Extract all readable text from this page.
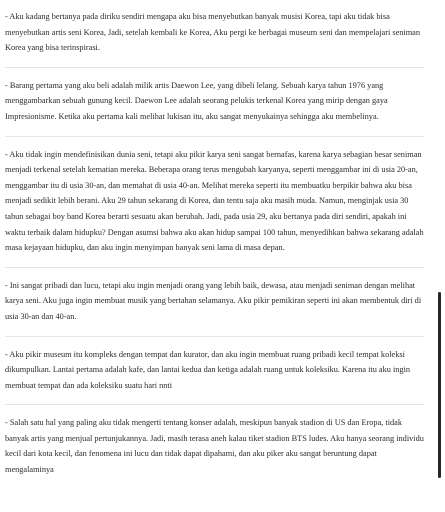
- Aku kadang bertanya pada diriku sendiri mengapa aku bisa menyebutkan banyak musisi Korea, tapi aku tidak bisa menyebutkan artis seni Korea, Jadi, setelah kembali ke Korea, Aku pergi ke berbagai museum seni dan mempelajari seniman Korea yang bisa terinspirasi.

- Barang pertama yang aku beli adalah milik artis Daewon Lee, yang dibeli lelang. Sebuah karya tahun 1976 yang menggambarkan sebuah gunung kecil. Daewon Lee adalah seorang pelukis terkenal Korea yang mirip dengan gaya Impresionisme. Ketika aku pertama kali melihat lukisan itu, aku sangat menyukainya sehingga aku membelinya.

- Aku tidak ingin mendefinisikan dunia seni, tetapi aku pikir karya seni sangat bernafas, karena karya sebagian besar seniman menjadi terkenal setelah kematian mereka. Beberapa orang terus mengubah karyanya, seperti menggambar ini di usia 20-an, menggambar itu di usia 30-an, dan memahat di usia 40-an. Melihat mereka seperti itu membuatku berpikir bahwa aku bisa menjadi sedikit lebih berani. Aku 29 tahun sekarang di Korea, dan tentu saja aku masih muda. Namun, menginjak usia 30 tahun sebagai boy band Korea berarti sesuatu akan berubah. Jadi, pada usia 29, aku bertanya pada diri sendiri, apakah ini waktu terbaik dalam hidupku? Dengan asumsi bahwa aku akan hidup sampai 100 tahun, menyedihkan bahwa sekarang adalah masa kejayaan hidupku, dan aku ingin menyimpan banyak seni lama di masa depan.

- Ini sangat pribadi dan lucu, tetapi aku ingin menjadi orang yang lebih baik, dewasa, atau menjadi seniman dengan melihat karya seni. Aku juga ingin membuat musik yang bertahan selamanya. Aku pikir pemikiran seperti ini akan membentuk diri di usia 30-an dan 40-an.

- Aku pikir museum itu kompleks dengan tempat dan kurator, dan aku ingin membuat ruang pribadi kecil tempat koleksi dikumpulkan. Lantai pertama adalah kafe, dan lantai kedua dan ketiga adalah ruang untuk koleksiku. Karena itu aku ingin membuat tempat dan ada koleksiku suatu hari nnti

- Salah satu hal yang paling aku tidak mengerti tentang konser adalah, meskipun banyak stadion di US dan Eropa, tidak banyak artis yang menjual pertunjukannya. Jadi, masih terasa aneh kalau tiket stadion BTS ludes. Aku hanya seorang individu kecil dari kota kecil, dan fenomena ini lucu dan tidak dapat dipahami, dan aku piker aku sangat beruntung dapat mengalaminya
